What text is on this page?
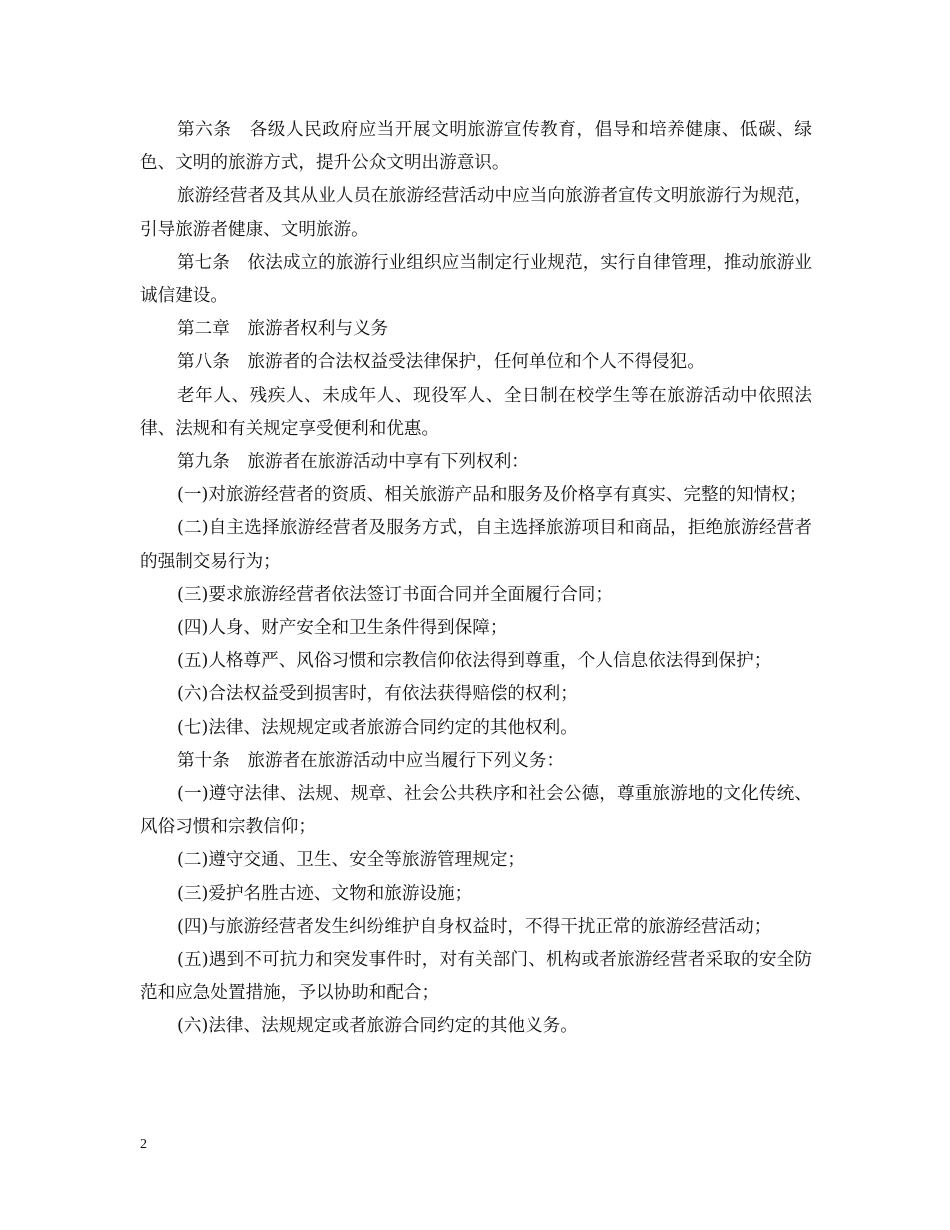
第六条　各级人民政府应当开展文明旅游宣传教育，倡导和培养健康、低碳、绿色、文明的旅游方式，提升公众文明出游意识。

旅游经营者及其从业人员在旅游经营活动中应当向旅游者宣传文明旅游行为规范，引导旅游者健康、文明旅游。

第七条　依法成立的旅游行业组织应当制定行业规范，实行自律管理，推动旅游业诚信建设。

第二章　旅游者权利与义务

第八条　旅游者的合法权益受法律保护，任何单位和个人不得侵犯。

老年人、残疾人、未成年人、现役军人、全日制在校学生等在旅游活动中依照法律、法规和有关规定享受便利和优惠。

第九条　旅游者在旅游活动中享有下列权利：

(一)对旅游经营者的资质、相关旅游产品和服务及价格享有真实、完整的知情权；

(二)自主选择旅游经营者及服务方式，自主选择旅游项目和商品，拒绝旅游经营者的强制交易行为；

(三)要求旅游经营者依法签订书面合同并全面履行合同；

(四)人身、财产安全和卫生条件得到保障；

(五)人格尊严、风俗习惯和宗教信仰依法得到尊重，个人信息依法得到保护；

(六)合法权益受到损害时，有依法获得赔偿的权利；

(七)法律、法规规定或者旅游合同约定的其他权利。

第十条　旅游者在旅游活动中应当履行下列义务：

(一)遵守法律、法规、规章、社会公共秩序和社会公德，尊重旅游地的文化传统、风俗习惯和宗教信仰；

(二)遵守交通、卫生、安全等旅游管理规定；

(三)爱护名胜古迹、文物和旅游设施；

(四)与旅游经营者发生纠纷维护自身权益时，不得干扰正常的旅游经营活动；

(五)遇到不可抗力和突发事件时，对有关部门、机构或者旅游经营者采取的安全防范和应急处置措施，予以协助和配合；

(六)法律、法规规定或者旅游合同约定的其他义务。

2
